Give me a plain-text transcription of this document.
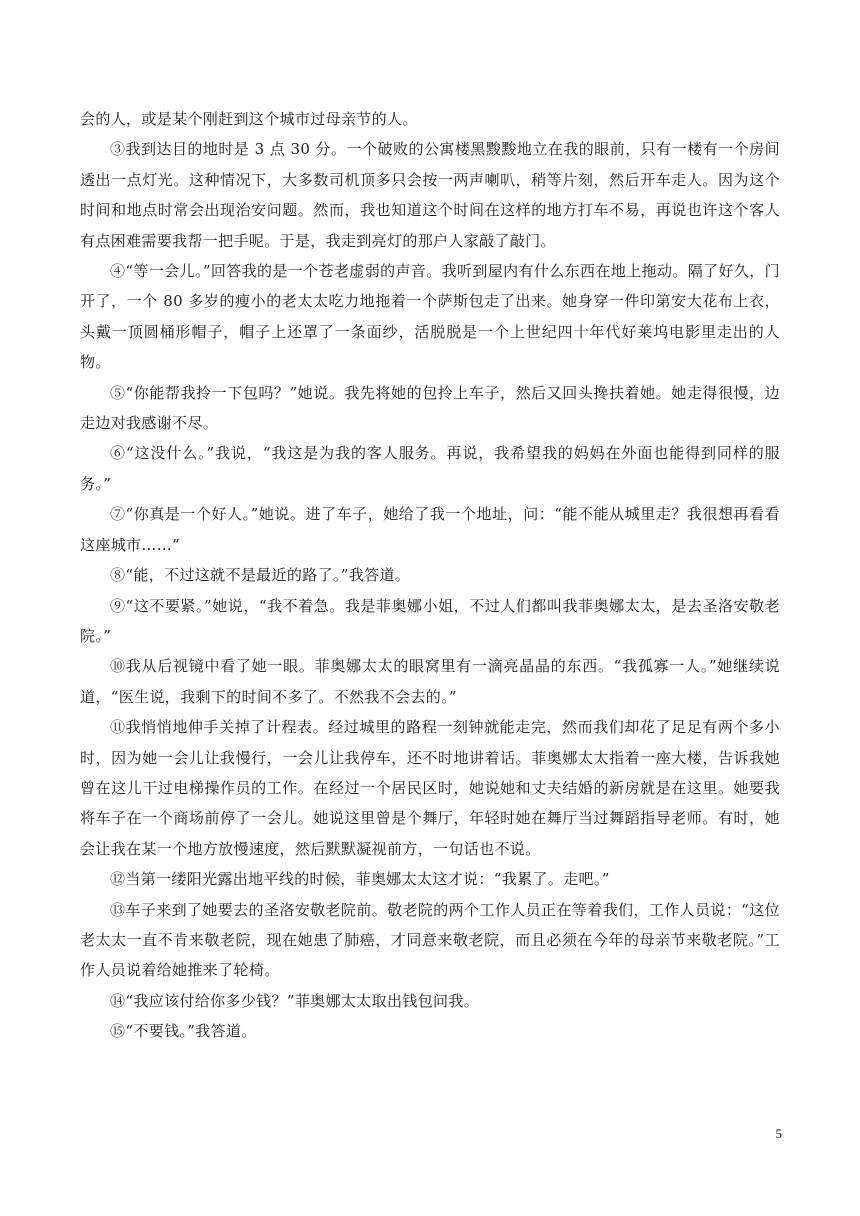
会的人，或是某个刚赶到这个城市过母亲节的人。

③我到达目的地时是 3 点 30 分。一个破败的公寓楼黑黢黢地立在我的眼前，只有一楼有一个房间透出一点灯光。这种情况下，大多数司机顶多只会按一两声喇叭，稍等片刻，然后开车走人。因为这个时间和地点时常会出现治安问题。然而，我也知道这个时间在这样的地方打车不易，再说也许这个客人有点困难需要我帮一把手呢。于是，我走到亮灯的那户人家敲了敲门。

④“等一会儿。”回答我的是一个苍老虚弱的声音。我听到屋内有什么东西在地上拖动。隔了好久，门开了，一个 80 多岁的瘦小的老太太吃力地拖着一个萨斯包走了出来。她身穿一件印第安大花布上衣，头戴一顶圆桶形帽子，帽子上还罩了一条面纱，活脱脱是一个上世纪四十年代好莱坞电影里走出的人物。

⑤“你能帮我拎一下包吗？”她说。我先将她的包拎上车子，然后又回头搀扶着她。她走得很慢，边走边对我感谢不尽。

⑥“这没什么。”我说，“我这是为我的客人服务。再说，我希望我的妈妈在外面也能得到同样的服务。”

⑦“你真是一个好人。”她说。进了车子，她给了我一个地址，问：“能不能从城里走？我很想再看看这座城市……”

⑧“能，不过这就不是最近的路了。”我答道。

⑨“这不要紧。”她说，“我不着急。我是菲奥娜小姐，不过人们都叫我菲奥娜太太，是去圣洛安敬老院。”

⑩我从后视镜中看了她一眼。菲奥娜太太的眼窝里有一滴亮晶晶的东西。“我孤寡一人。”她继续说道，“医生说，我剩下的时间不多了。不然我不会去的。”

⑪我悄悄地伸手关掉了计程表。经过城里的路程一刻钟就能走完，然而我们却花了足足有两个多小时，因为她一会儿让我慢行，一会儿让我停车，还不时地讲着话。菲奥娜太太指着一座大楼，告诉我她曾在这儿干过电梯操作员的工作。在经过一个居民区时，她说她和丈夫结婚的新房就是在这里。她要我将车子在一个商场前停了一会儿。她说这里曾是个舞厅，年轻时她在舞厅当过舞蹈指导老师。有时，她会让我在某一个地方放慢速度，然后默默凝视前方，一句话也不说。

⑫当第一缕阳光露出地平线的时候，菲奥娜太太这才说：“我累了。走吧。”

⑬车子来到了她要去的圣洛安敬老院前。敬老院的两个工作人员正在等着我们，工作人员说：“这位老太太一直不肯来敬老院，现在她患了肺癌，才同意来敬老院，而且必须在今年的母亲节来敬老院。”工作人员说着给她推来了轮椅。

⑭“我应该付给你多少钱？”菲奥娜太太取出钱包问我。

⑮“不要钱。”我答道。

5
